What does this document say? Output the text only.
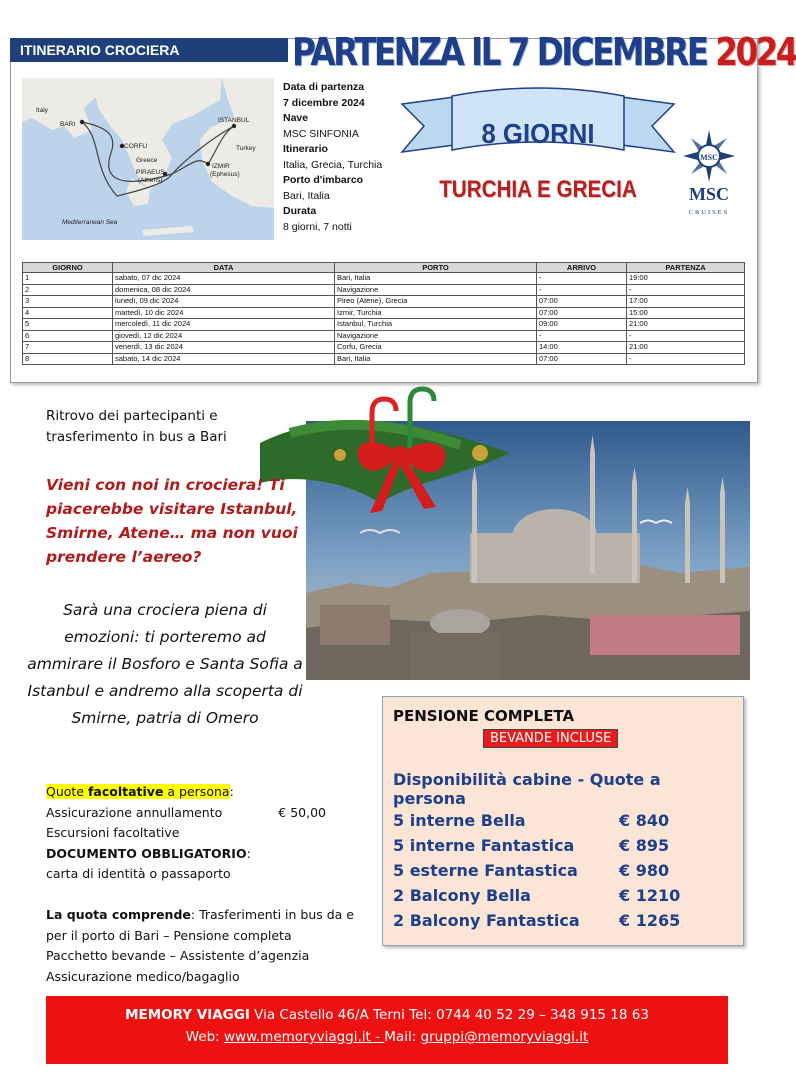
ITINERARIO CROCIERA	PARTENZA IL 7 DICEMBRE 2024
Italy
BARI
CORFU
Greece
PIRAEUS
(Athens)
ISTANBUL
Turkey
IZMIR
(Ephesus)
Mediterranean Sea
Data di partenza
7 dicembre 2024
Nave
MSC SINFONIA
Itinerario
Italia, Grecia, Turchia
Porto d'imbarco
Bari, Italia
Durata
8 giorni, 7 notti
8 GIORNI
TURCHIA E GRECIA
MSC
MSC
CRUISES
GIORNO	DATA	PORTO	ARRIVO	PARTENZA
1	sabato, 07 dic 2024	Bari, Italia	-	19:00
2	domenica, 08 dic 2024	Navigazione	-	-
3	lunedì, 09 dic 2024	Pireo (Atene), Grecia	07:00	17:00
4	martedì, 10 dic 2024	Izmir, Turchia	07:00	15:00
5	mercoledì, 11 dic 2024	Istanbul, Turchia	09:00	21:00
6	giovedì, 12 dic 2024	Navigazione	-	-
7	venerdì, 13 dic 2024	Corfu, Grecia	14:00	21:00
8	sabato, 14 dic 2024	Bari, Italia	07:00	-
Ritrovo dei partecipanti e trasferimento in bus a Bari
Vieni con noi in crociera! Ti piacerebbe visitare Istanbul, Smirne, Atene… ma non vuoi prendere l’aereo?
Sarà una crociera piena di emozioni: ti porteremo ad ammirare il Bosforo e Santa Sofia a Istanbul e andremo alla scoperta di Smirne, patria di Omero
Quote facoltative a persona:
Assicurazione annullamento	€ 50,00
Escursioni facoltative
DOCUMENTO OBBLIGATORIO:
carta di identità o passaporto
La quota comprende: Trasferimenti in bus da e
per il porto di Bari – Pensione completa
Pacchetto bevande – Assistente d’agenzia
Assicurazione medico/bagaglio
PENSIONE COMPLETA
BEVANDE INCLUSE
Disponibilità cabine - Quote a persona
5 interne Bella	€ 840
5 interne Fantastica	€ 895
5 esterne Fantastica	€ 980
2 Balcony Bella	€ 1210
2 Balcony Fantastica	€ 1265
MEMORY VIAGGI Via Castello 46/A Terni Tel: 0744 40 52 29 – 348 915 18 63
Web: www.memoryviaggi.it - Mail: gruppi@memoryviaggi.it
